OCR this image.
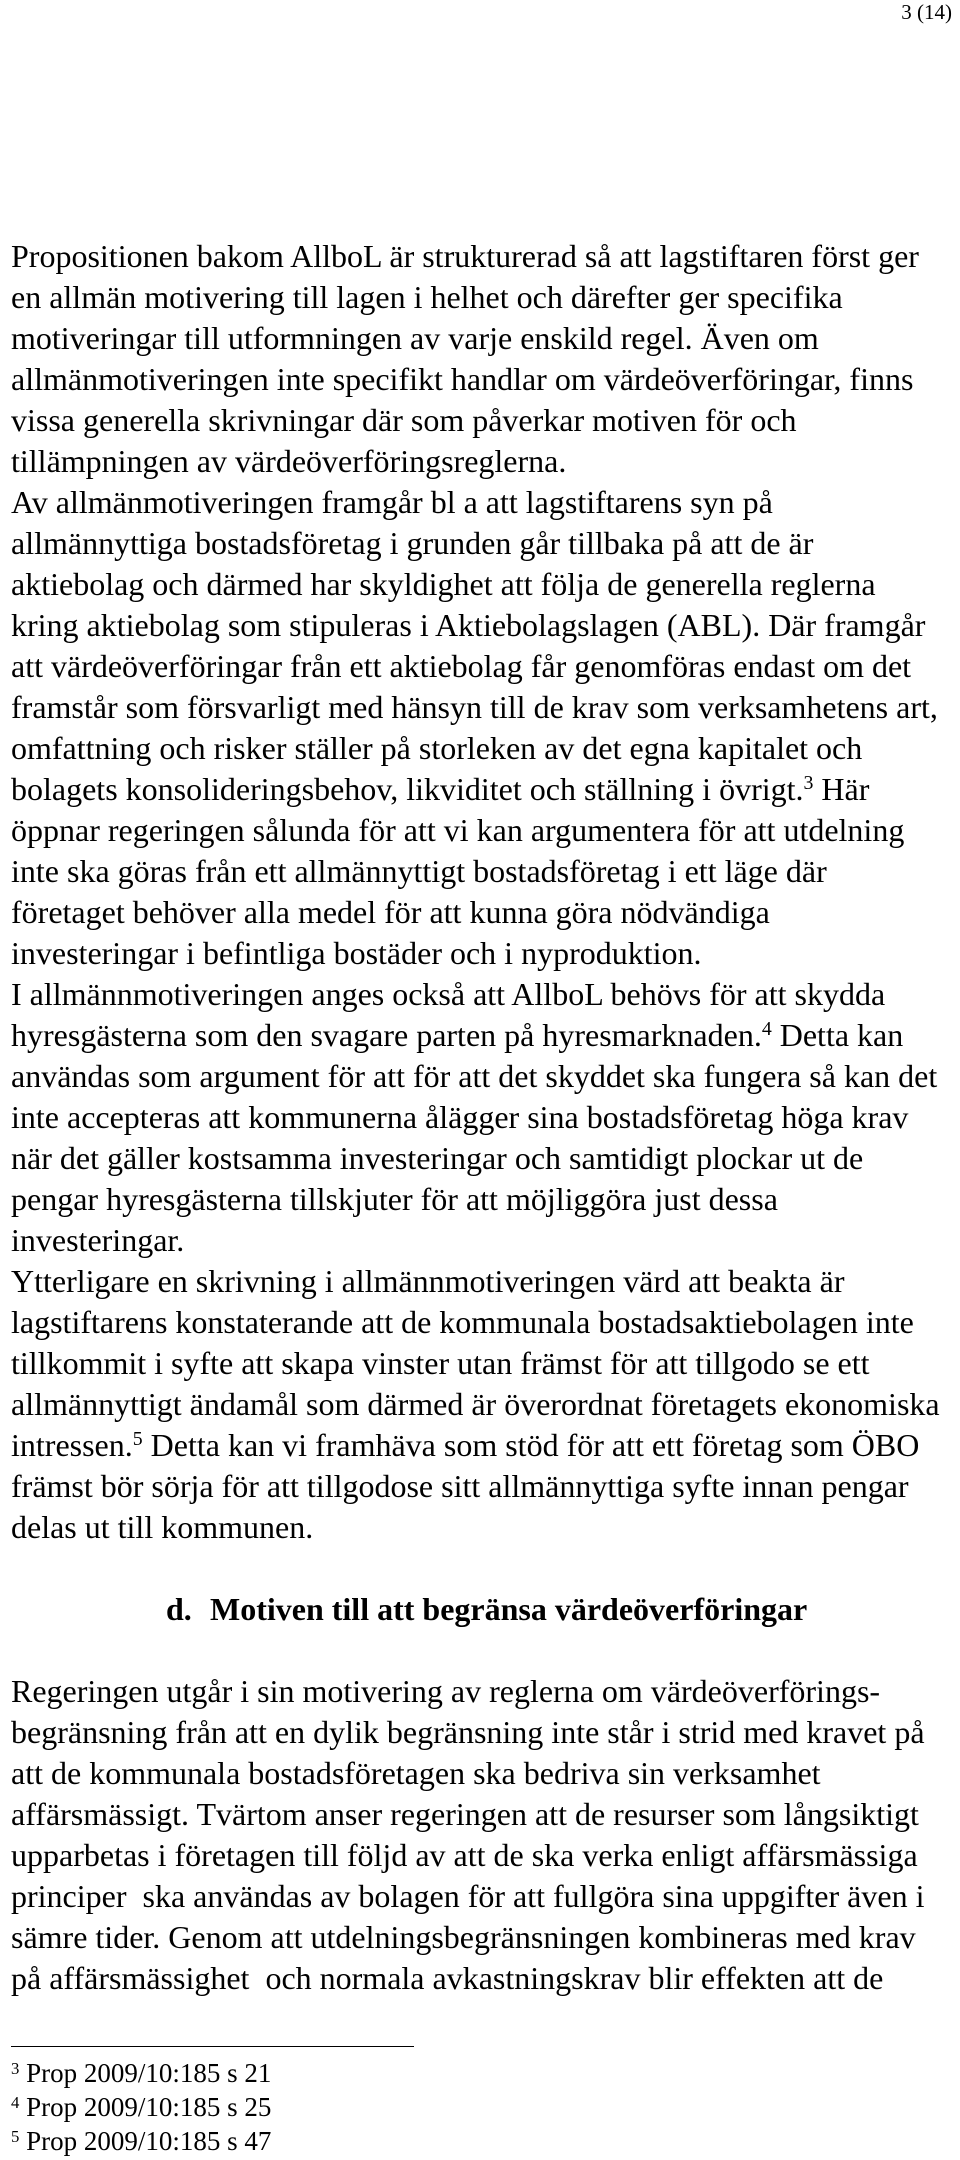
3 (14)
Propositionen bakom AllboL är strukturerad så att lagstiftaren först ger
en allmän motivering till lagen i helhet och därefter ger specifika
motiveringar till utformningen av varje enskild regel. Även om
allmänmotiveringen inte specifikt handlar om värdeöverföringar, finns
vissa generella skrivningar där som påverkar motiven för och
tillämpningen av värdeöverföringsreglerna.
Av allmänmotiveringen framgår bl a att lagstiftarens syn på
allmännyttiga bostadsföretag i grunden går tillbaka på att de är
aktiebolag och därmed har skyldighet att följa de generella reglerna
kring aktiebolag som stipuleras i Aktiebolagslagen (ABL). Där framgår
att värdeöverföringar från ett aktiebolag får genomföras endast om det
framstår som försvarligt med hänsyn till de krav som verksamhetens art,
omfattning och risker ställer på storleken av det egna kapitalet och
bolagets konsolideringsbehov, likviditet och ställning i övrigt.$^3$ Här
öppnar regeringen sålunda för att vi kan argumentera för att utdelning
inte ska göras från ett allmännyttigt bostadsföretag i ett läge där
företaget behöver alla medel för att kunna göra nödvändiga
investeringar i befintliga bostäder och i nyproduktion.
I allmännmotiveringen anges också att AllboL behövs för att skydda
hyresgästerna som den svagare parten på hyresmarknaden.$^4$ Detta kan
användas som argument för att för att det skyddet ska fungera så kan det
inte accepteras att kommunerna ålägger sina bostadsföretag höga krav
när det gäller kostsamma investeringar och samtidigt plockar ut de
pengar hyresgästerna tillskjuter för att möjliggöra just dessa
investeringar.
Ytterligare en skrivning i allmännmotiveringen värd att beakta är
lagstiftarens konstaterande att de kommunala bostadsaktiebolagen inte
tillkommit i syfte att skapa vinster utan främst för att tillgodo se ett
allmännyttigt ändamål som därmed är överordnat företagets ekonomiska
intressen.$^5$ Detta kan vi framhäva som stöd för att ett företag som ÖBO
främst bör sörja för att tillgodose sitt allmännyttiga syfte innan pengar
delas ut till kommunen.
d. Motiven till att begränsa värdeöverföringar
Regeringen utgår i sin motivering av reglerna om värdeöverförings-
begränsning från att en dylik begränsning inte står i strid med kravet på
att de kommunala bostadsföretagen ska bedriva sin verksamhet
affärsmässigt. Tvärtom anser regeringen att de resurser som långsiktigt
upparbetas i företagen till följd av att de ska verka enligt affärsmässiga
principer  ska användas av bolagen för att fullgöra sina uppgifter även i
sämre tider. Genom att utdelningsbegränsningen kombineras med krav
på affärsmässighet  och normala avkastningskrav blir effekten att de
$^3$ Prop 2009/10:185 s 21
$^4$ Prop 2009/10:185 s 25
$^5$ Prop 2009/10:185 s 47
